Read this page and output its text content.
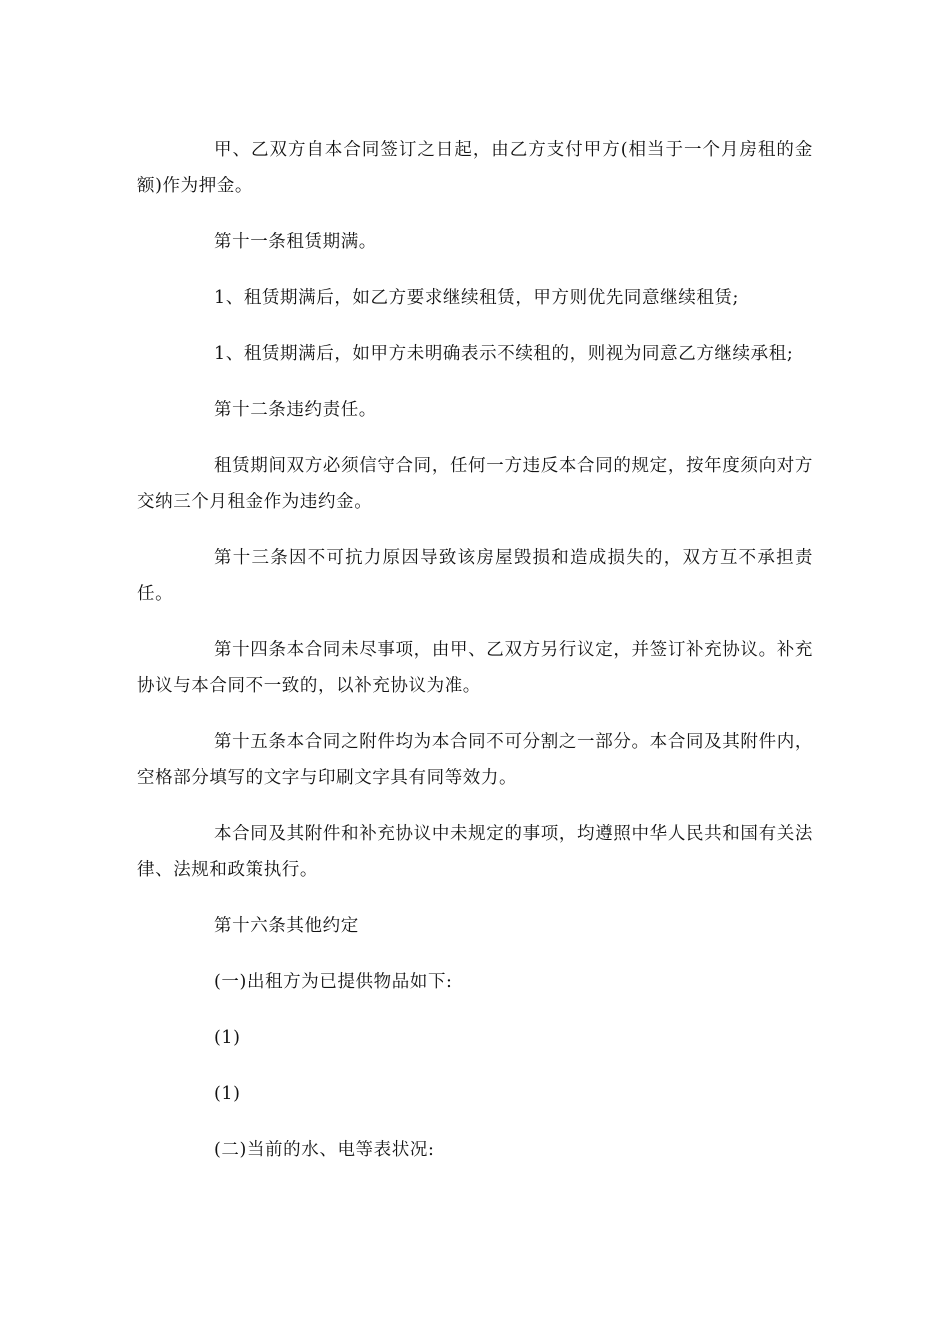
甲、乙双方自本合同签订之日起，由乙方支付甲方(相当于一个月房租的金额)作为押金。

第十一条租赁期满。

1、租赁期满后，如乙方要求继续租赁，甲方则优先同意继续租赁;

1、租赁期满后，如甲方未明确表示不续租的，则视为同意乙方继续承租;

第十二条违约责任。

租赁期间双方必须信守合同，任何一方违反本合同的规定，按年度须向对方交纳三个月租金作为违约金。

第十三条因不可抗力原因导致该房屋毁损和造成损失的，双方互不承担责任。

第十四条本合同未尽事项，由甲、乙双方另行议定，并签订补充协议。补充协议与本合同不一致的，以补充协议为准。

第十五条本合同之附件均为本合同不可分割之一部分。本合同及其附件内，空格部分填写的文字与印刷文字具有同等效力。

本合同及其附件和补充协议中未规定的事项，均遵照中华人民共和国有关法律、法规和政策执行。

第十六条其他约定

(一)出租方为已提供物品如下:

(1)

(1)

(二)当前的水、电等表状况:
